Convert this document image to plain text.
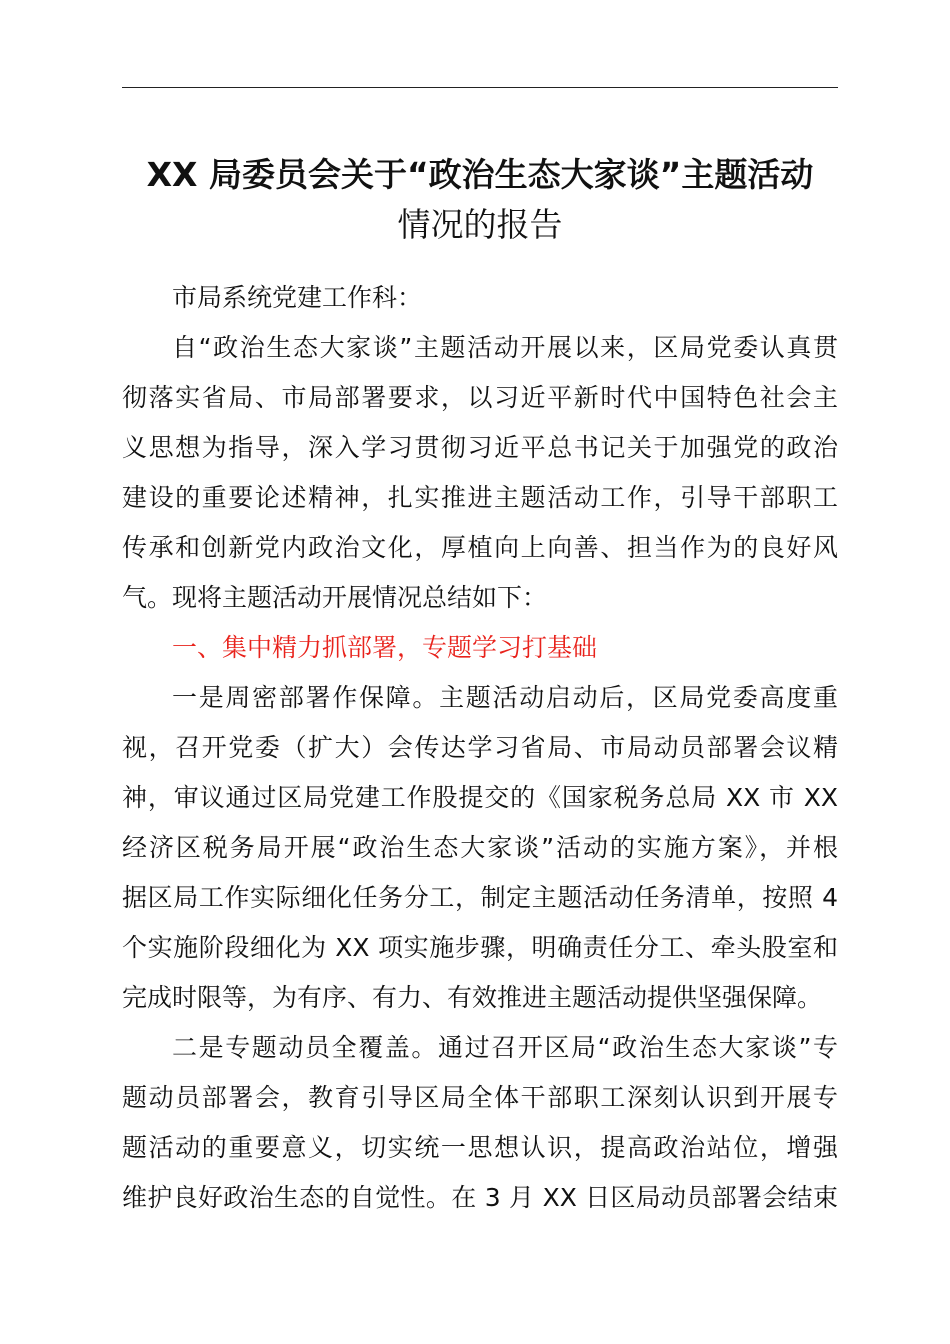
XX 局委员会关于“政治生态大家谈”主题活动
情况的报告

市局系统党建工作科：

自“政治生态大家谈”主题活动开展以来，区局党委认真贯
彻落实省局、市局部署要求，以习近平新时代中国特色社会主
义思想为指导，深入学习贯彻习近平总书记关于加强党的政治
建设的重要论述精神，扎实推进主题活动工作，引导干部职工
传承和创新党内政治文化，厚植向上向善、担当作为的良好风
气。现将主题活动开展情况总结如下：

一、集中精力抓部署，专题学习打基础

一是周密部署作保障。主题活动启动后，区局党委高度重
视，召开党委（扩大）会传达学习省局、市局动员部署会议精
神，审议通过区局党建工作股提交的《国家税务总局 XX 市 XX
经济区税务局开展“政治生态大家谈”活动的实施方案》，并根
据区局工作实际细化任务分工，制定主题活动任务清单，按照 4
个实施阶段细化为 XX 项实施步骤，明确责任分工、牵头股室和
完成时限等，为有序、有力、有效推进主题活动提供坚强保障。

二是专题动员全覆盖。通过召开区局“政治生态大家谈”专
题动员部署会，教育引导区局全体干部职工深刻认识到开展专
题活动的重要意义，切实统一思想认识，提高政治站位，增强
维护良好政治生态的自觉性。在 3 月 XX 日区局动员部署会结束
